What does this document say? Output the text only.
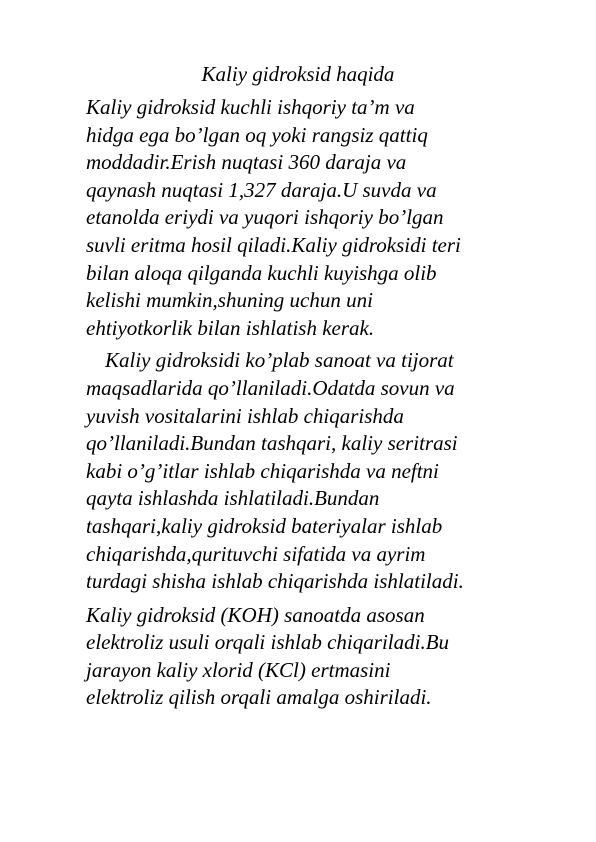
Kaliy gidroksid haqida

Kaliy gidroksid kuchli ishqoriy ta’m va
hidga ega bo’lgan oq yoki rangsiz qattiq
moddadir.Erish nuqtasi 360 daraja va
qaynash nuqtasi 1,327 daraja.U suvda va
etanolda eriydi va yuqori ishqoriy bo’lgan
suvli eritma hosil qiladi.Kaliy gidroksidi teri
bilan aloqa qilganda kuchli kuyishga olib
kelishi mumkin,shuning uchun uni
ehtiyotkorlik bilan ishlatish kerak.

Kaliy gidroksidi ko’plab sanoat va tijorat
maqsadlarida qo’llaniladi.Odatda sovun va
yuvish vositalarini ishlab chiqarishda
qo’llaniladi.Bundan tashqari, kaliy seritrasi
kabi o’g’itlar ishlab chiqarishda va neftni
qayta ishlashda ishlatiladi.Bundan
tashqari,kaliy gidroksid bateriyalar ishlab
chiqarishda,qurituvchi sifatida va ayrim
turdagi shisha ishlab chiqarishda ishlatiladi.

Kaliy gidroksid (KOH) sanoatda asosan
elektroliz usuli orqali ishlab chiqariladi.Bu
jarayon kaliy xlorid (KCl) ertmasini
elektroliz qilish orqali amalga oshiriladi.
